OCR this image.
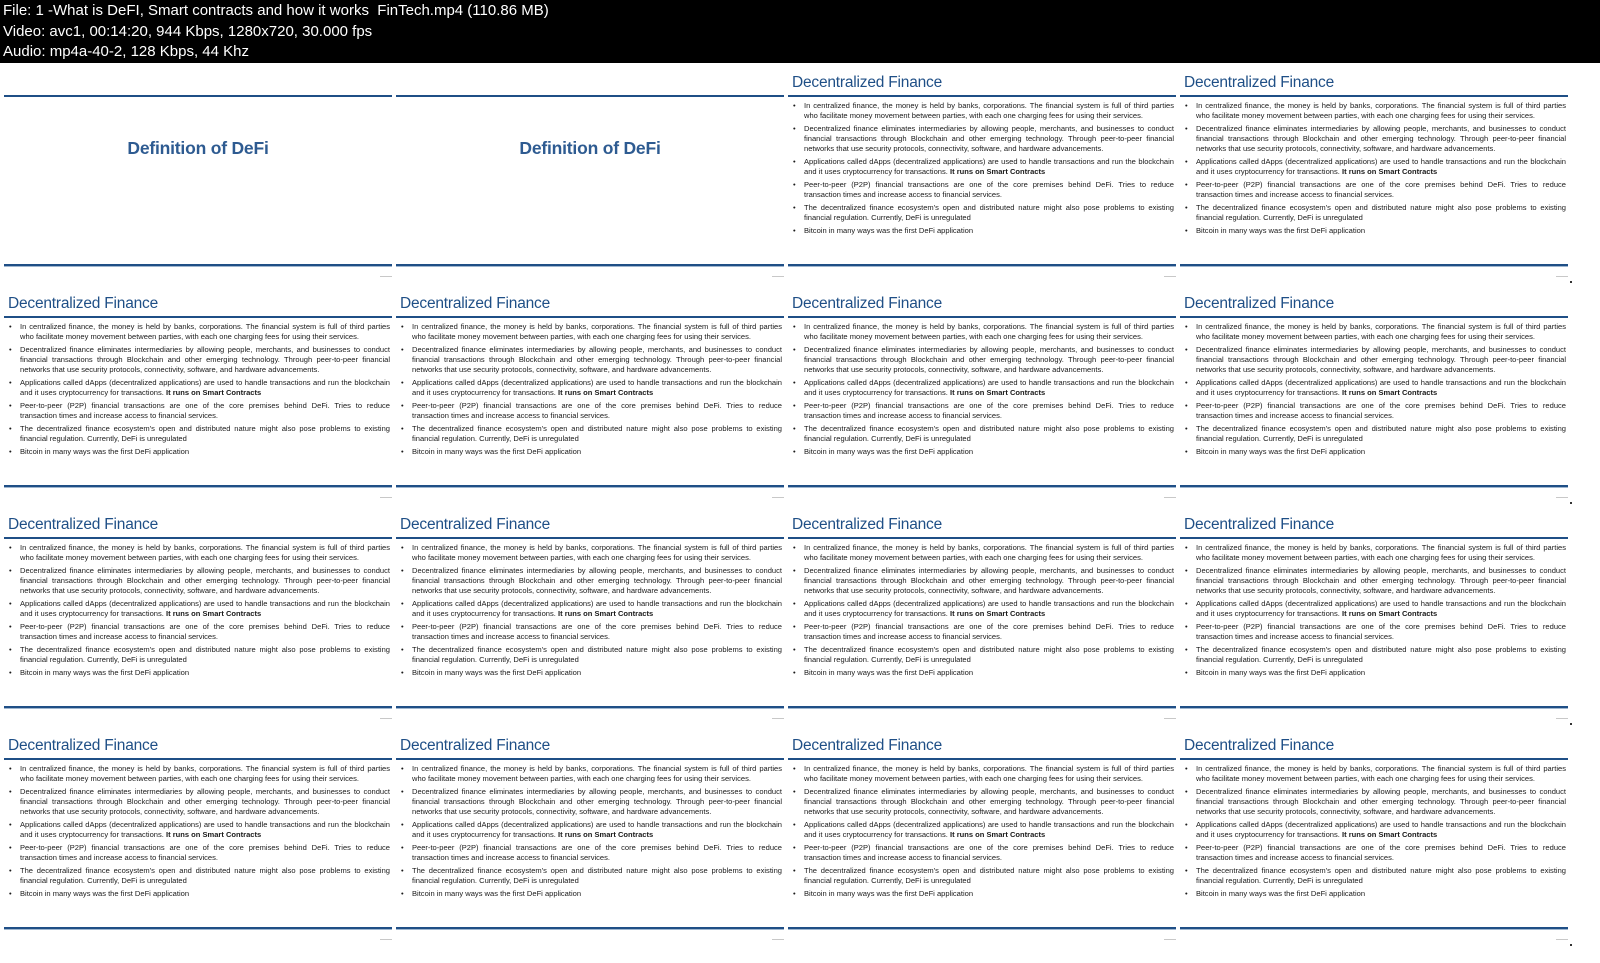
File: 1 -What is DeFI, Smart contracts and how it works  FinTech.mp4 (110.86 MB)
Video: avc1, 00:14:20, 944 Kbps, 1280x720, 30.000 fps
Audio: mp4a-40-2, 128 Kbps, 44 Khz
Definition of DeFi	Definition of DeFi
Decentralized Finance
• In centralized finance, the money is held by banks, corporations. The financial system is full of third parties who facilitate money movement between parties, with each one charging fees for using their services.
• Decentralized finance eliminates intermediaries by allowing people, merchants, and businesses to conduct financial transactions through Blockchain and other emerging technology. Through peer-to-peer financial networks that use security protocols, connectivity, software, and hardware advancements.
• Applications called dApps (decentralized applications) are used to handle transactions and run the blockchain and it uses cryptocurrency for transactions. It runs on Smart Contracts
• Peer-to-peer (P2P) financial transactions are one of the core premises behind DeFi. Tries to reduce transaction times and increase access to financial services.
• The decentralized finance ecosystem's open and distributed nature might also pose problems to existing financial regulation. Currently, DeFi is unregulated
• Bitcoin in many ways was the first DeFi application
Decentralized Finance
• In centralized finance, the money is held by banks, corporations. The financial system is full of third parties who facilitate money movement between parties, with each one charging fees for using their services.
• Decentralized finance eliminates intermediaries by allowing people, merchants, and businesses to conduct financial transactions through Blockchain and other emerging technology. Through peer-to-peer financial networks that use security protocols, connectivity, software, and hardware advancements.
• Applications called dApps (decentralized applications) are used to handle transactions and run the blockchain and it uses cryptocurrency for transactions. It runs on Smart Contracts
• Peer-to-peer (P2P) financial transactions are one of the core premises behind DeFi. Tries to reduce transaction times and increase access to financial services.
• The decentralized finance ecosystem's open and distributed nature might also pose problems to existing financial regulation. Currently, DeFi is unregulated
• Bitcoin in many ways was the first DeFi application
Decentralized Finance
• In centralized finance, the money is held by banks, corporations. The financial system is full of third parties who facilitate money movement between parties, with each one charging fees for using their services.
• Decentralized finance eliminates intermediaries by allowing people, merchants, and businesses to conduct financial transactions through Blockchain and other emerging technology. Through peer-to-peer financial networks that use security protocols, connectivity, software, and hardware advancements.
• Applications called dApps (decentralized applications) are used to handle transactions and run the blockchain and it uses cryptocurrency for transactions. It runs on Smart Contracts
• Peer-to-peer (P2P) financial transactions are one of the core premises behind DeFi. Tries to reduce transaction times and increase access to financial services.
• The decentralized finance ecosystem's open and distributed nature might also pose problems to existing financial regulation. Currently, DeFi is unregulated
• Bitcoin in many ways was the first DeFi application
Decentralized Finance
• In centralized finance, the money is held by banks, corporations. The financial system is full of third parties who facilitate money movement between parties, with each one charging fees for using their services.
• Decentralized finance eliminates intermediaries by allowing people, merchants, and businesses to conduct financial transactions through Blockchain and other emerging technology. Through peer-to-peer financial networks that use security protocols, connectivity, software, and hardware advancements.
• Applications called dApps (decentralized applications) are used to handle transactions and run the blockchain and it uses cryptocurrency for transactions. It runs on Smart Contracts
• Peer-to-peer (P2P) financial transactions are one of the core premises behind DeFi. Tries to reduce transaction times and increase access to financial services.
• The decentralized finance ecosystem's open and distributed nature might also pose problems to existing financial regulation. Currently, DeFi is unregulated
• Bitcoin in many ways was the first DeFi application
Decentralized Finance
• In centralized finance, the money is held by banks, corporations. The financial system is full of third parties who facilitate money movement between parties, with each one charging fees for using their services.
• Decentralized finance eliminates intermediaries by allowing people, merchants, and businesses to conduct financial transactions through Blockchain and other emerging technology. Through peer-to-peer financial networks that use security protocols, connectivity, software, and hardware advancements.
• Applications called dApps (decentralized applications) are used to handle transactions and run the blockchain and it uses cryptocurrency for transactions. It runs on Smart Contracts
• Peer-to-peer (P2P) financial transactions are one of the core premises behind DeFi. Tries to reduce transaction times and increase access to financial services.
• The decentralized finance ecosystem's open and distributed nature might also pose problems to existing financial regulation. Currently, DeFi is unregulated
• Bitcoin in many ways was the first DeFi application
Decentralized Finance
• In centralized finance, the money is held by banks, corporations. The financial system is full of third parties who facilitate money movement between parties, with each one charging fees for using their services.
• Decentralized finance eliminates intermediaries by allowing people, merchants, and businesses to conduct financial transactions through Blockchain and other emerging technology. Through peer-to-peer financial networks that use security protocols, connectivity, software, and hardware advancements.
• Applications called dApps (decentralized applications) are used to handle transactions and run the blockchain and it uses cryptocurrency for transactions. It runs on Smart Contracts
• Peer-to-peer (P2P) financial transactions are one of the core premises behind DeFi. Tries to reduce transaction times and increase access to financial services.
• The decentralized finance ecosystem's open and distributed nature might also pose problems to existing financial regulation. Currently, DeFi is unregulated
• Bitcoin in many ways was the first DeFi application
Decentralized Finance
• In centralized finance, the money is held by banks, corporations. The financial system is full of third parties who facilitate money movement between parties, with each one charging fees for using their services.
• Decentralized finance eliminates intermediaries by allowing people, merchants, and businesses to conduct financial transactions through Blockchain and other emerging technology. Through peer-to-peer financial networks that use security protocols, connectivity, software, and hardware advancements.
• Applications called dApps (decentralized applications) are used to handle transactions and run the blockchain and it uses cryptocurrency for transactions. It runs on Smart Contracts
• Peer-to-peer (P2P) financial transactions are one of the core premises behind DeFi. Tries to reduce transaction times and increase access to financial services.
• The decentralized finance ecosystem's open and distributed nature might also pose problems to existing financial regulation. Currently, DeFi is unregulated
• Bitcoin in many ways was the first DeFi application
Decentralized Finance
• In centralized finance, the money is held by banks, corporations. The financial system is full of third parties who facilitate money movement between parties, with each one charging fees for using their services.
• Decentralized finance eliminates intermediaries by allowing people, merchants, and businesses to conduct financial transactions through Blockchain and other emerging technology. Through peer-to-peer financial networks that use security protocols, connectivity, software, and hardware advancements.
• Applications called dApps (decentralized applications) are used to handle transactions and run the blockchain and it uses cryptocurrency for transactions. It runs on Smart Contracts
• Peer-to-peer (P2P) financial transactions are one of the core premises behind DeFi. Tries to reduce transaction times and increase access to financial services.
• The decentralized finance ecosystem's open and distributed nature might also pose problems to existing financial regulation. Currently, DeFi is unregulated
• Bitcoin in many ways was the first DeFi application
Decentralized Finance
• In centralized finance, the money is held by banks, corporations. The financial system is full of third parties who facilitate money movement between parties, with each one charging fees for using their services.
• Decentralized finance eliminates intermediaries by allowing people, merchants, and businesses to conduct financial transactions through Blockchain and other emerging technology. Through peer-to-peer financial networks that use security protocols, connectivity, software, and hardware advancements.
• Applications called dApps (decentralized applications) are used to handle transactions and run the blockchain and it uses cryptocurrency for transactions. It runs on Smart Contracts
• Peer-to-peer (P2P) financial transactions are one of the core premises behind DeFi. Tries to reduce transaction times and increase access to financial services.
• The decentralized finance ecosystem's open and distributed nature might also pose problems to existing financial regulation. Currently, DeFi is unregulated
• Bitcoin in many ways was the first DeFi application
Decentralized Finance
• In centralized finance, the money is held by banks, corporations. The financial system is full of third parties who facilitate money movement between parties, with each one charging fees for using their services.
• Decentralized finance eliminates intermediaries by allowing people, merchants, and businesses to conduct financial transactions through Blockchain and other emerging technology. Through peer-to-peer financial networks that use security protocols, connectivity, software, and hardware advancements.
• Applications called dApps (decentralized applications) are used to handle transactions and run the blockchain and it uses cryptocurrency for transactions. It runs on Smart Contracts
• Peer-to-peer (P2P) financial transactions are one of the core premises behind DeFi. Tries to reduce transaction times and increase access to financial services.
• The decentralized finance ecosystem's open and distributed nature might also pose problems to existing financial regulation. Currently, DeFi is unregulated
• Bitcoin in many ways was the first DeFi application
Decentralized Finance
• In centralized finance, the money is held by banks, corporations. The financial system is full of third parties who facilitate money movement between parties, with each one charging fees for using their services.
• Decentralized finance eliminates intermediaries by allowing people, merchants, and businesses to conduct financial transactions through Blockchain and other emerging technology. Through peer-to-peer financial networks that use security protocols, connectivity, software, and hardware advancements.
• Applications called dApps (decentralized applications) are used to handle transactions and run the blockchain and it uses cryptocurrency for transactions. It runs on Smart Contracts
• Peer-to-peer (P2P) financial transactions are one of the core premises behind DeFi. Tries to reduce transaction times and increase access to financial services.
• The decentralized finance ecosystem's open and distributed nature might also pose problems to existing financial regulation. Currently, DeFi is unregulated
• Bitcoin in many ways was the first DeFi application
Decentralized Finance
• In centralized finance, the money is held by banks, corporations. The financial system is full of third parties who facilitate money movement between parties, with each one charging fees for using their services.
• Decentralized finance eliminates intermediaries by allowing people, merchants, and businesses to conduct financial transactions through Blockchain and other emerging technology. Through peer-to-peer financial networks that use security protocols, connectivity, software, and hardware advancements.
• Applications called dApps (decentralized applications) are used to handle transactions and run the blockchain and it uses cryptocurrency for transactions. It runs on Smart Contracts
• Peer-to-peer (P2P) financial transactions are one of the core premises behind DeFi. Tries to reduce transaction times and increase access to financial services.
• The decentralized finance ecosystem's open and distributed nature might also pose problems to existing financial regulation. Currently, DeFi is unregulated
• Bitcoin in many ways was the first DeFi application
Decentralized Finance
• In centralized finance, the money is held by banks, corporations. The financial system is full of third parties who facilitate money movement between parties, with each one charging fees for using their services.
• Decentralized finance eliminates intermediaries by allowing people, merchants, and businesses to conduct financial transactions through Blockchain and other emerging technology. Through peer-to-peer financial networks that use security protocols, connectivity, software, and hardware advancements.
• Applications called dApps (decentralized applications) are used to handle transactions and run the blockchain and it uses cryptocurrency for transactions. It runs on Smart Contracts
• Peer-to-peer (P2P) financial transactions are one of the core premises behind DeFi. Tries to reduce transaction times and increase access to financial services.
• The decentralized finance ecosystem's open and distributed nature might also pose problems to existing financial regulation. Currently, DeFi is unregulated
• Bitcoin in many ways was the first DeFi application
Decentralized Finance
• In centralized finance, the money is held by banks, corporations. The financial system is full of third parties who facilitate money movement between parties, with each one charging fees for using their services.
• Decentralized finance eliminates intermediaries by allowing people, merchants, and businesses to conduct financial transactions through Blockchain and other emerging technology. Through peer-to-peer financial networks that use security protocols, connectivity, software, and hardware advancements.
• Applications called dApps (decentralized applications) are used to handle transactions and run the blockchain and it uses cryptocurrency for transactions. It runs on Smart Contracts
• Peer-to-peer (P2P) financial transactions are one of the core premises behind DeFi. Tries to reduce transaction times and increase access to financial services.
• The decentralized finance ecosystem's open and distributed nature might also pose problems to existing financial regulation. Currently, DeFi is unregulated
• Bitcoin in many ways was the first DeFi application
